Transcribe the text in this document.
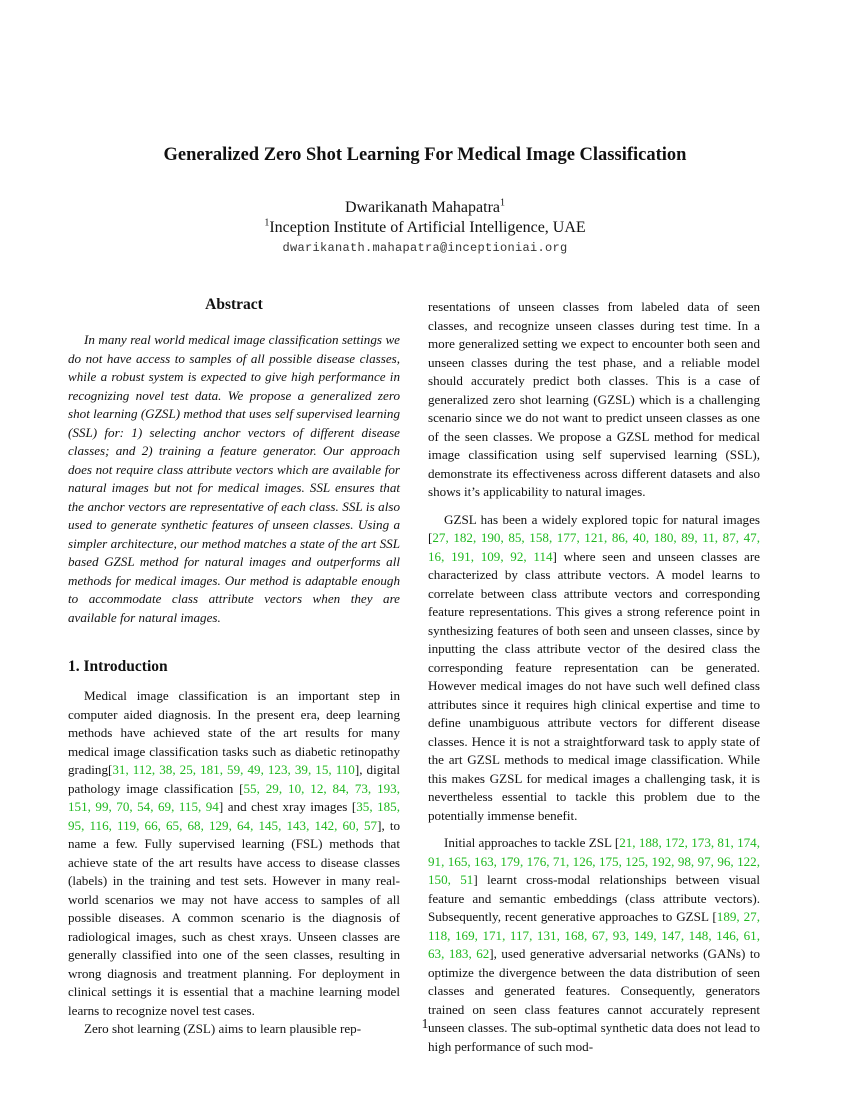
Generalized Zero Shot Learning For Medical Image Classification
Dwarikanath Mahapatra$^1$
$^1$Inception Institute of Artificial Intelligence, UAE
dwarikanath.mahapatra@inceptioniai.org
Abstract

In many real world medical image classification settings we do not have access to samples of all possible disease classes, while a robust system is expected to give high performance in recognizing novel test data. We propose a generalized zero shot learning (GZSL) method that uses self supervised learning (SSL) for: 1) selecting anchor vectors of different disease classes; and 2) training a feature generator. Our approach does not require class attribute vectors which are available for natural images but not for medical images. SSL ensures that the anchor vectors are representative of each class. SSL is also used to generate synthetic features of unseen classes. Using a simpler architecture, our method matches a state of the art SSL based GZSL method for natural images and outperforms all methods for medical images. Our method is adaptable enough to accommodate class attribute vectors when they are available for natural images.

1. Introduction

Medical image classification is an important step in computer aided diagnosis. In the present era, deep learning methods have achieved state of the art results for many medical image classification tasks such as diabetic retinopathy grading[31, 112, 38, 25, 181, 59, 49, 123, 39, 15, 110], digital pathology image classification [55, 29, 10, 12, 84, 73, 193, 151, 99, 70, 54, 69, 115, 94] and chest xray images [35, 185, 95, 116, 119, 66, 65, 68, 129, 64, 145, 143, 142, 60, 57], to name a few. Fully supervised learning (FSL) methods that achieve state of the art results have access to disease classes (labels) in the training and test sets. However in many real-world scenarios we may not have access to samples of all possible diseases. A common scenario is the diagnosis of radiological images, such as chest xrays. Unseen classes are generally classified into one of the seen classes, resulting in wrong diagnosis and treatment planning. For deployment in clinical settings it is essential that a machine learning model learns to recognize novel test cases.

Zero shot learning (ZSL) aims to learn plausible rep-

resentations of unseen classes from labeled data of seen classes, and recognize unseen classes during test time. In a more generalized setting we expect to encounter both seen and unseen classes during the test phase, and a reliable model should accurately predict both classes. This is a case of generalized zero shot learning (GZSL) which is a challenging scenario since we do not want to predict unseen classes as one of the seen classes. We propose a GZSL method for medical image classification using self supervised learning (SSL), demonstrate its effectiveness across different datasets and also shows it’s applicability to natural images.

GZSL has been a widely explored topic for natural images [27, 182, 190, 85, 158, 177, 121, 86, 40, 180, 89, 11, 87, 47, 16, 191, 109, 92, 114] where seen and unseen classes are characterized by class attribute vectors. A model learns to correlate between class attribute vectors and corresponding feature representations. This gives a strong reference point in synthesizing features of both seen and unseen classes, since by inputting the class attribute vector of the desired class the corresponding feature representation can be generated. However medical images do not have such well defined class attributes since it requires high clinical expertise and time to define unambiguous attribute vectors for different disease classes. Hence it is not a straightforward task to apply state of the art GZSL methods to medical image classification. While this makes GZSL for medical images a challenging task, it is nevertheless essential to tackle this problem due to the potentially immense benefit.

Initial approaches to tackle ZSL [21, 188, 172, 173, 81, 174, 91, 165, 163, 179, 176, 71, 126, 175, 125, 192, 98, 97, 96, 122, 150, 51] learnt cross-modal relationships between visual feature and semantic embeddings (class attribute vectors). Subsequently, recent generative approaches to GZSL [189, 27, 118, 169, 171, 117, 131, 168, 67, 93, 149, 147, 148, 146, 61, 63, 183, 62], used generative adversarial networks (GANs) to optimize the divergence between the data distribution of seen classes and generated features. Consequently, generators trained on seen class features cannot accurately represent unseen classes. The sub-optimal synthetic data does not lead to high performance of such mod-

1
